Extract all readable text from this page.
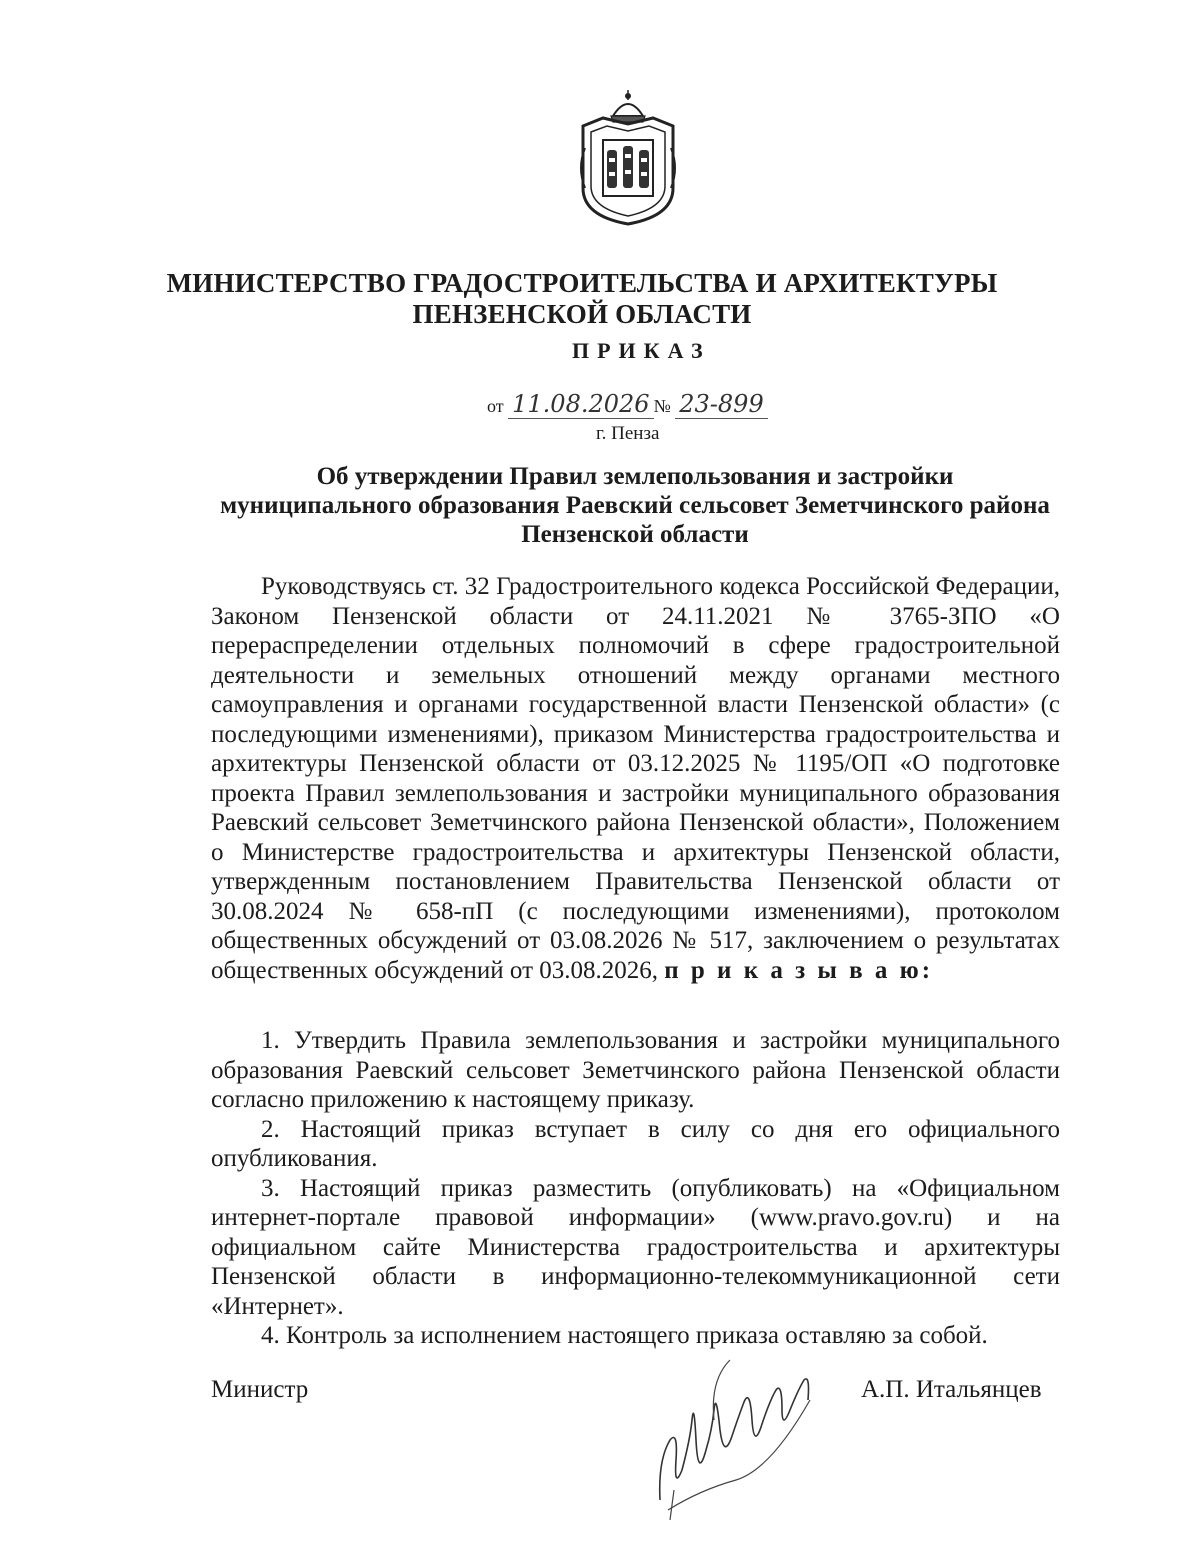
МИНИСТЕРСТВО ГРАДОСТРОИТЕЛЬСТВА И АРХИТЕКТУРЫ
ПЕНЗЕНСКОЙ ОБЛАСТИ
ПРИКАЗ
от 11.08.2026 № 23-899
г. Пенза
Об утверждении Правил землепользования и застройки
муниципального образования Раевский сельсовет Земетчинского района
Пензенской области
Руководствуясь ст. 32 Градостроительного кодекса Российской Федерации, Законом Пензенской области от 24.11.2021 № 3765-ЗПО «О перераспределении отдельных полномочий в сфере градостроительной деятельности и земельных отношений между органами местного самоуправления и органами государственной власти Пензенской области» (с последующими изменениями), приказом Министерства градостроительства и архитектуры Пензенской области от 03.12.2025 № 1195/ОП «О подготовке проекта Правил землепользования и застройки муниципального образования Раевский сельсовет Земетчинского района Пензенской области», Положением о Министерстве градостроительства и архитектуры Пензенской области, утвержденным постановлением Правительства Пензенской области от 30.08.2024 № 658-пП (с последующими изменениями), протоколом общественных обсуждений от 03.08.2026 № 517, заключением о результатах общественных обсуждений от 03.08.2026, п р и к а з ы в а ю:

1. Утвердить Правила землепользования и застройки муниципального образования Раевский сельсовет Земетчинского района Пензенской области согласно приложению к настоящему приказу.

2. Настоящий приказ вступает в силу со дня его официального опубликования.

3. Настоящий приказ разместить (опубликовать) на «Официальном интернет-портале правовой информации» (www.pravo.gov.ru) и на официальном сайте Министерства градостроительства и архитектуры Пензенской области в информационно-телекоммуникационной сети «Интернет».

4. Контроль за исполнением настоящего приказа оставляю за собой.

Министр	А.П. Итальянцев
